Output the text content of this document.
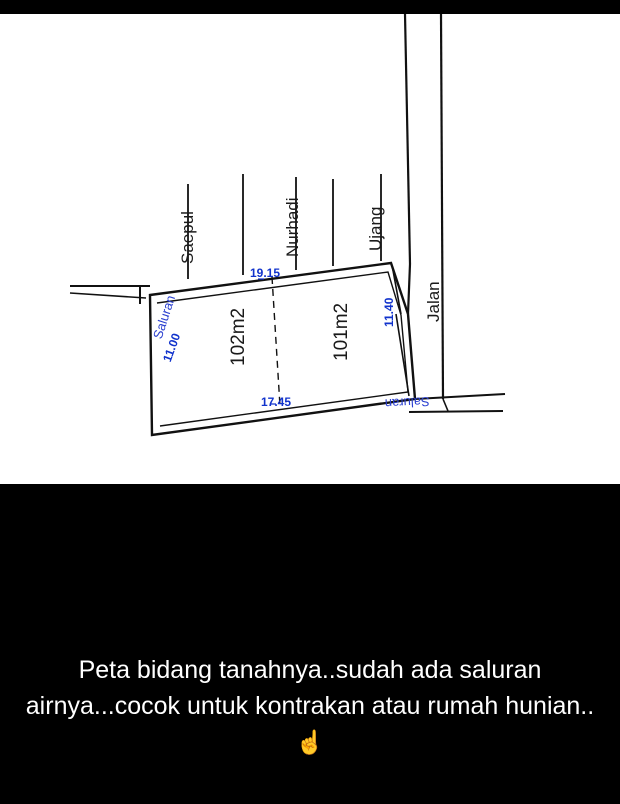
Saepul	Nurhadi	Ujang
Jalan
102m2	101m2
19.15
17.45
11.40
11.00
Saluran
Saluran
Peta bidang tanahnya..sudah ada saluran airnya...cocok untuk kontrakan atau rumah hunian.. ☝️
